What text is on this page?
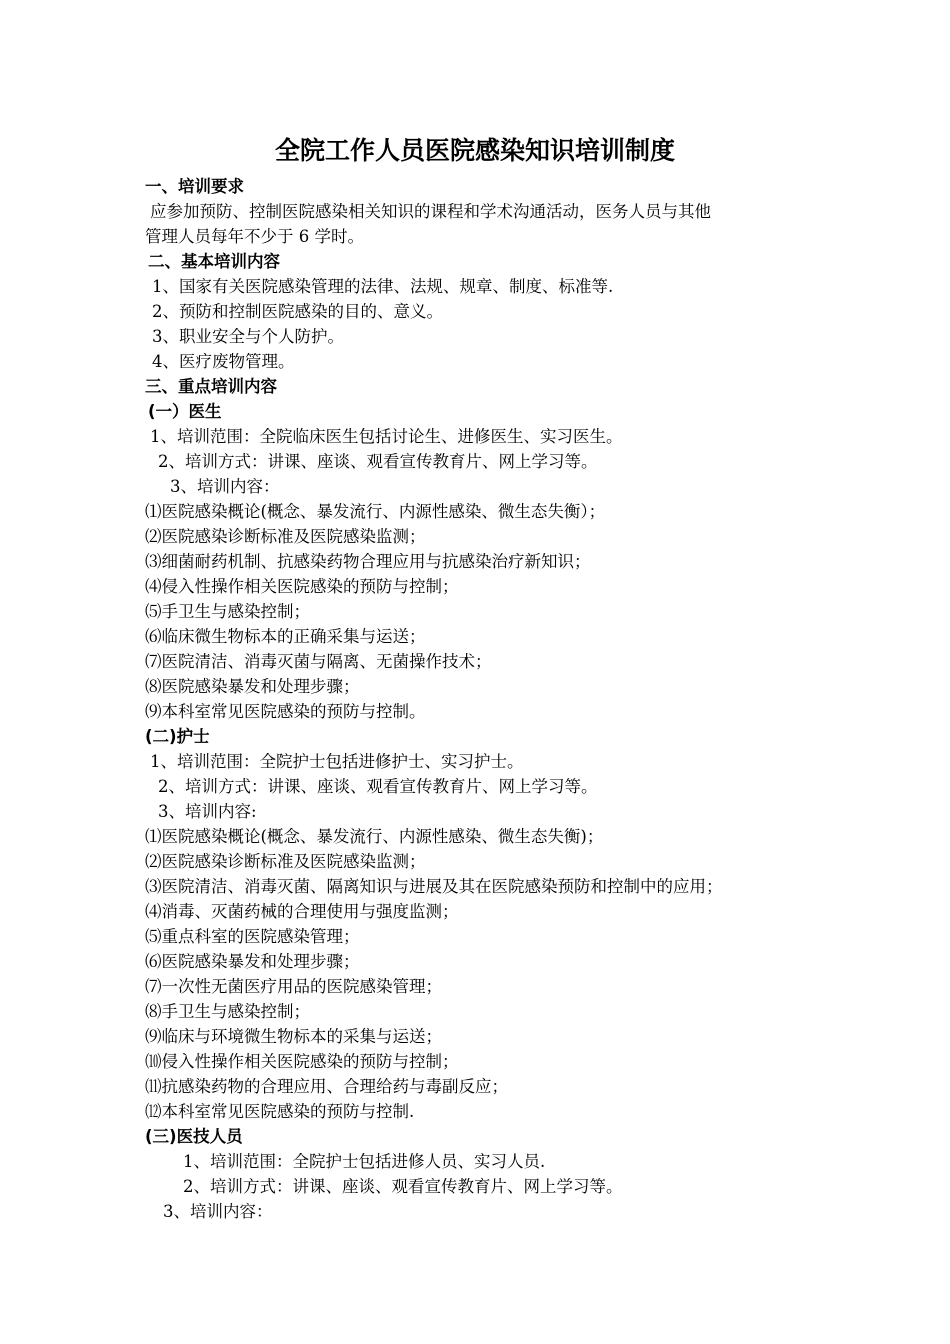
全院工作人员医院感染知识培训制度
一、培训要求
应参加预防、控制医院感染相关知识的课程和学术沟通活动，医务人员与其他
管理人员每年不少于 6 学时。
二、基本培训内容
1、国家有关医院感染管理的法律、法规、规章、制度、标准等.
2、预防和控制医院感染的目的、意义。
3、职业安全与个人防护。
4、医疗废物管理。
三、重点培训内容
(一）医生
1、培训范围：全院临床医生包括讨论生、进修医生、实习医生。
2、培训方式：讲课、座谈、观看宣传教育片、网上学习等。
3、培训内容：
⑴医院感染概论(概念、暴发流行、内源性感染、微生态失衡）；
⑵医院感染诊断标准及医院感染监测；
⑶细菌耐药机制、抗感染药物合理应用与抗感染治疗新知识；
⑷侵入性操作相关医院感染的预防与控制；
⑸手卫生与感染控制；
⑹临床微生物标本的正确采集与运送；
⑺医院清洁、消毒灭菌与隔离、无菌操作技术；
⑻医院感染暴发和处理步骤；
⑼本科室常见医院感染的预防与控制。
(二)护士
1、培训范围：全院护士包括进修护士、实习护士。
2、培训方式：讲课、座谈、观看宣传教育片、网上学习等。
3、培训内容:
⑴医院感染概论(概念、暴发流行、内源性感染、微生态失衡)；
⑵医院感染诊断标准及医院感染监测；
⑶医院清洁、消毒灭菌、隔离知识与进展及其在医院感染预防和控制中的应用；
⑷消毒、灭菌药械的合理使用与强度监测；
⑸重点科室的医院感染管理；
⑹医院感染暴发和处理步骤；
⑺一次性无菌医疗用品的医院感染管理；
⑻手卫生与感染控制；
⑼临床与环境微生物标本的采集与运送；
⑽侵入性操作相关医院感染的预防与控制；
⑾抗感染药物的合理应用、合理给药与毒副反应；
⑿本科室常见医院感染的预防与控制.
(三)医技人员
1、培训范围：全院护士包括进修人员、实习人员.
2、培训方式：讲课、座谈、观看宣传教育片、网上学习等。
3、培训内容：
